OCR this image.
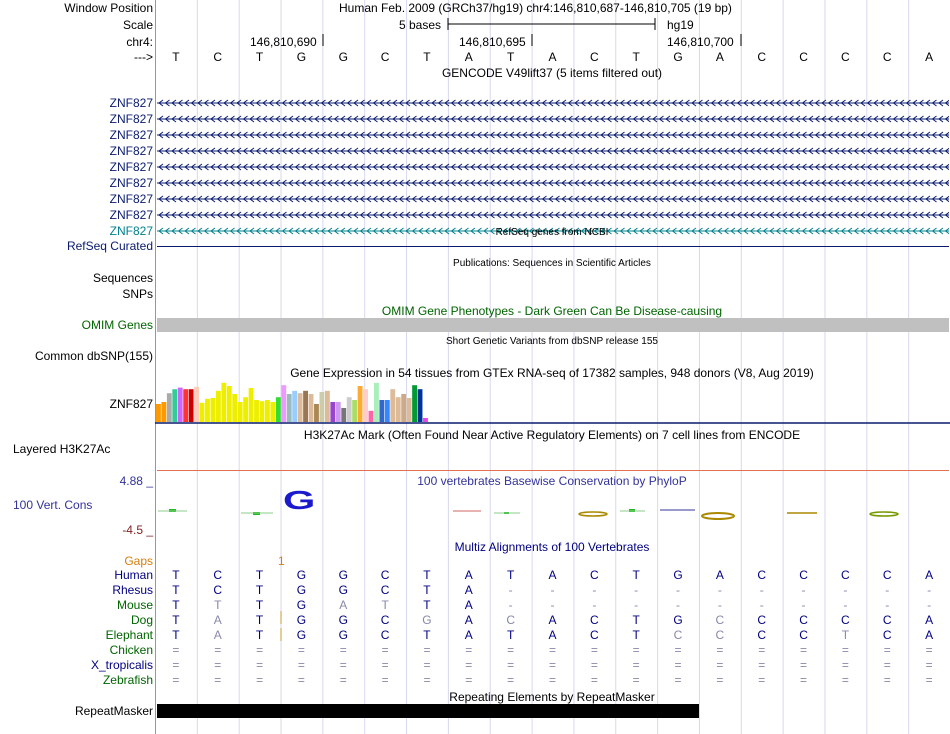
Window Position	Human Feb. 2009 (GRCh37/hg19) chr4:146,810,687-146,810,705 (19 bp)
Scale	5 bases	hg19
chr4:	146,810,690	146,810,695	146,810,700
---> T	C	T	G	G	C	T	A	T	A	C	T	G	A	C	C	C	C	A
GENCODE V49lift37 (5 items filtered out)
ZNF827
ZNF827
ZNF827
ZNF827
ZNF827
ZNF827
ZNF827
ZNF827
ZNF827	RefSeq genes from NCBI
RefSeq Curated
Publications: Sequences in Scientific Articles
Sequences
SNPs
OMIM Gene Phenotypes - Dark Green Can Be Disease-causing
OMIM Genes
Short Genetic Variants from dbSNP release 155
Common dbSNP(155)
Gene Expression in 54 tissues from GTEx RNA-seq of 17382 samples, 948 donors (V8, Aug 2019)
ZNF827
H3K27Ac Mark (Often Found Near Active Regulatory Elements) on 7 cell lines from ENCODE
Layered H3K27Ac
100 vertebrates Basewise Conservation by PhyloP
4.88 _
100 Vert. Cons
-4.5 _
G
Gaps	1
Multiz Alignments of 100 Vertebrates
Human T	C	T	G	G	C	T	A	T	A	C	T	G	A	C	C	C	C	A
Rhesus T	C	T	G	G	C	T	A	-	-	-	-	-	-	-	-	-	-	-
Mouse T	T	T	G	A	T	T	A	-	-	-	-	-	-	-	-	-	-	-
Dog T	A	T	G	G	C	G	A	C	A	C	T	G	C	C	C	C	C	A
Elephant T	A	T	G	G	C	T	A	T	A	C	T	C	C	C	C	T	C	A
Chicken =	=	=	=	=	=	=	=	=	=	=	=	=	=	=	=	=	=	=
X_tropicalis =	=	=	=	=	=	=	=	=	=	=	=	=	=	=	=	=	=	=
Zebrafish =	=	=	=	=	=	=	=	=	=	=	=	=	=	=	=	=	=	=
Repeating Elements by RepeatMasker
RepeatMasker
